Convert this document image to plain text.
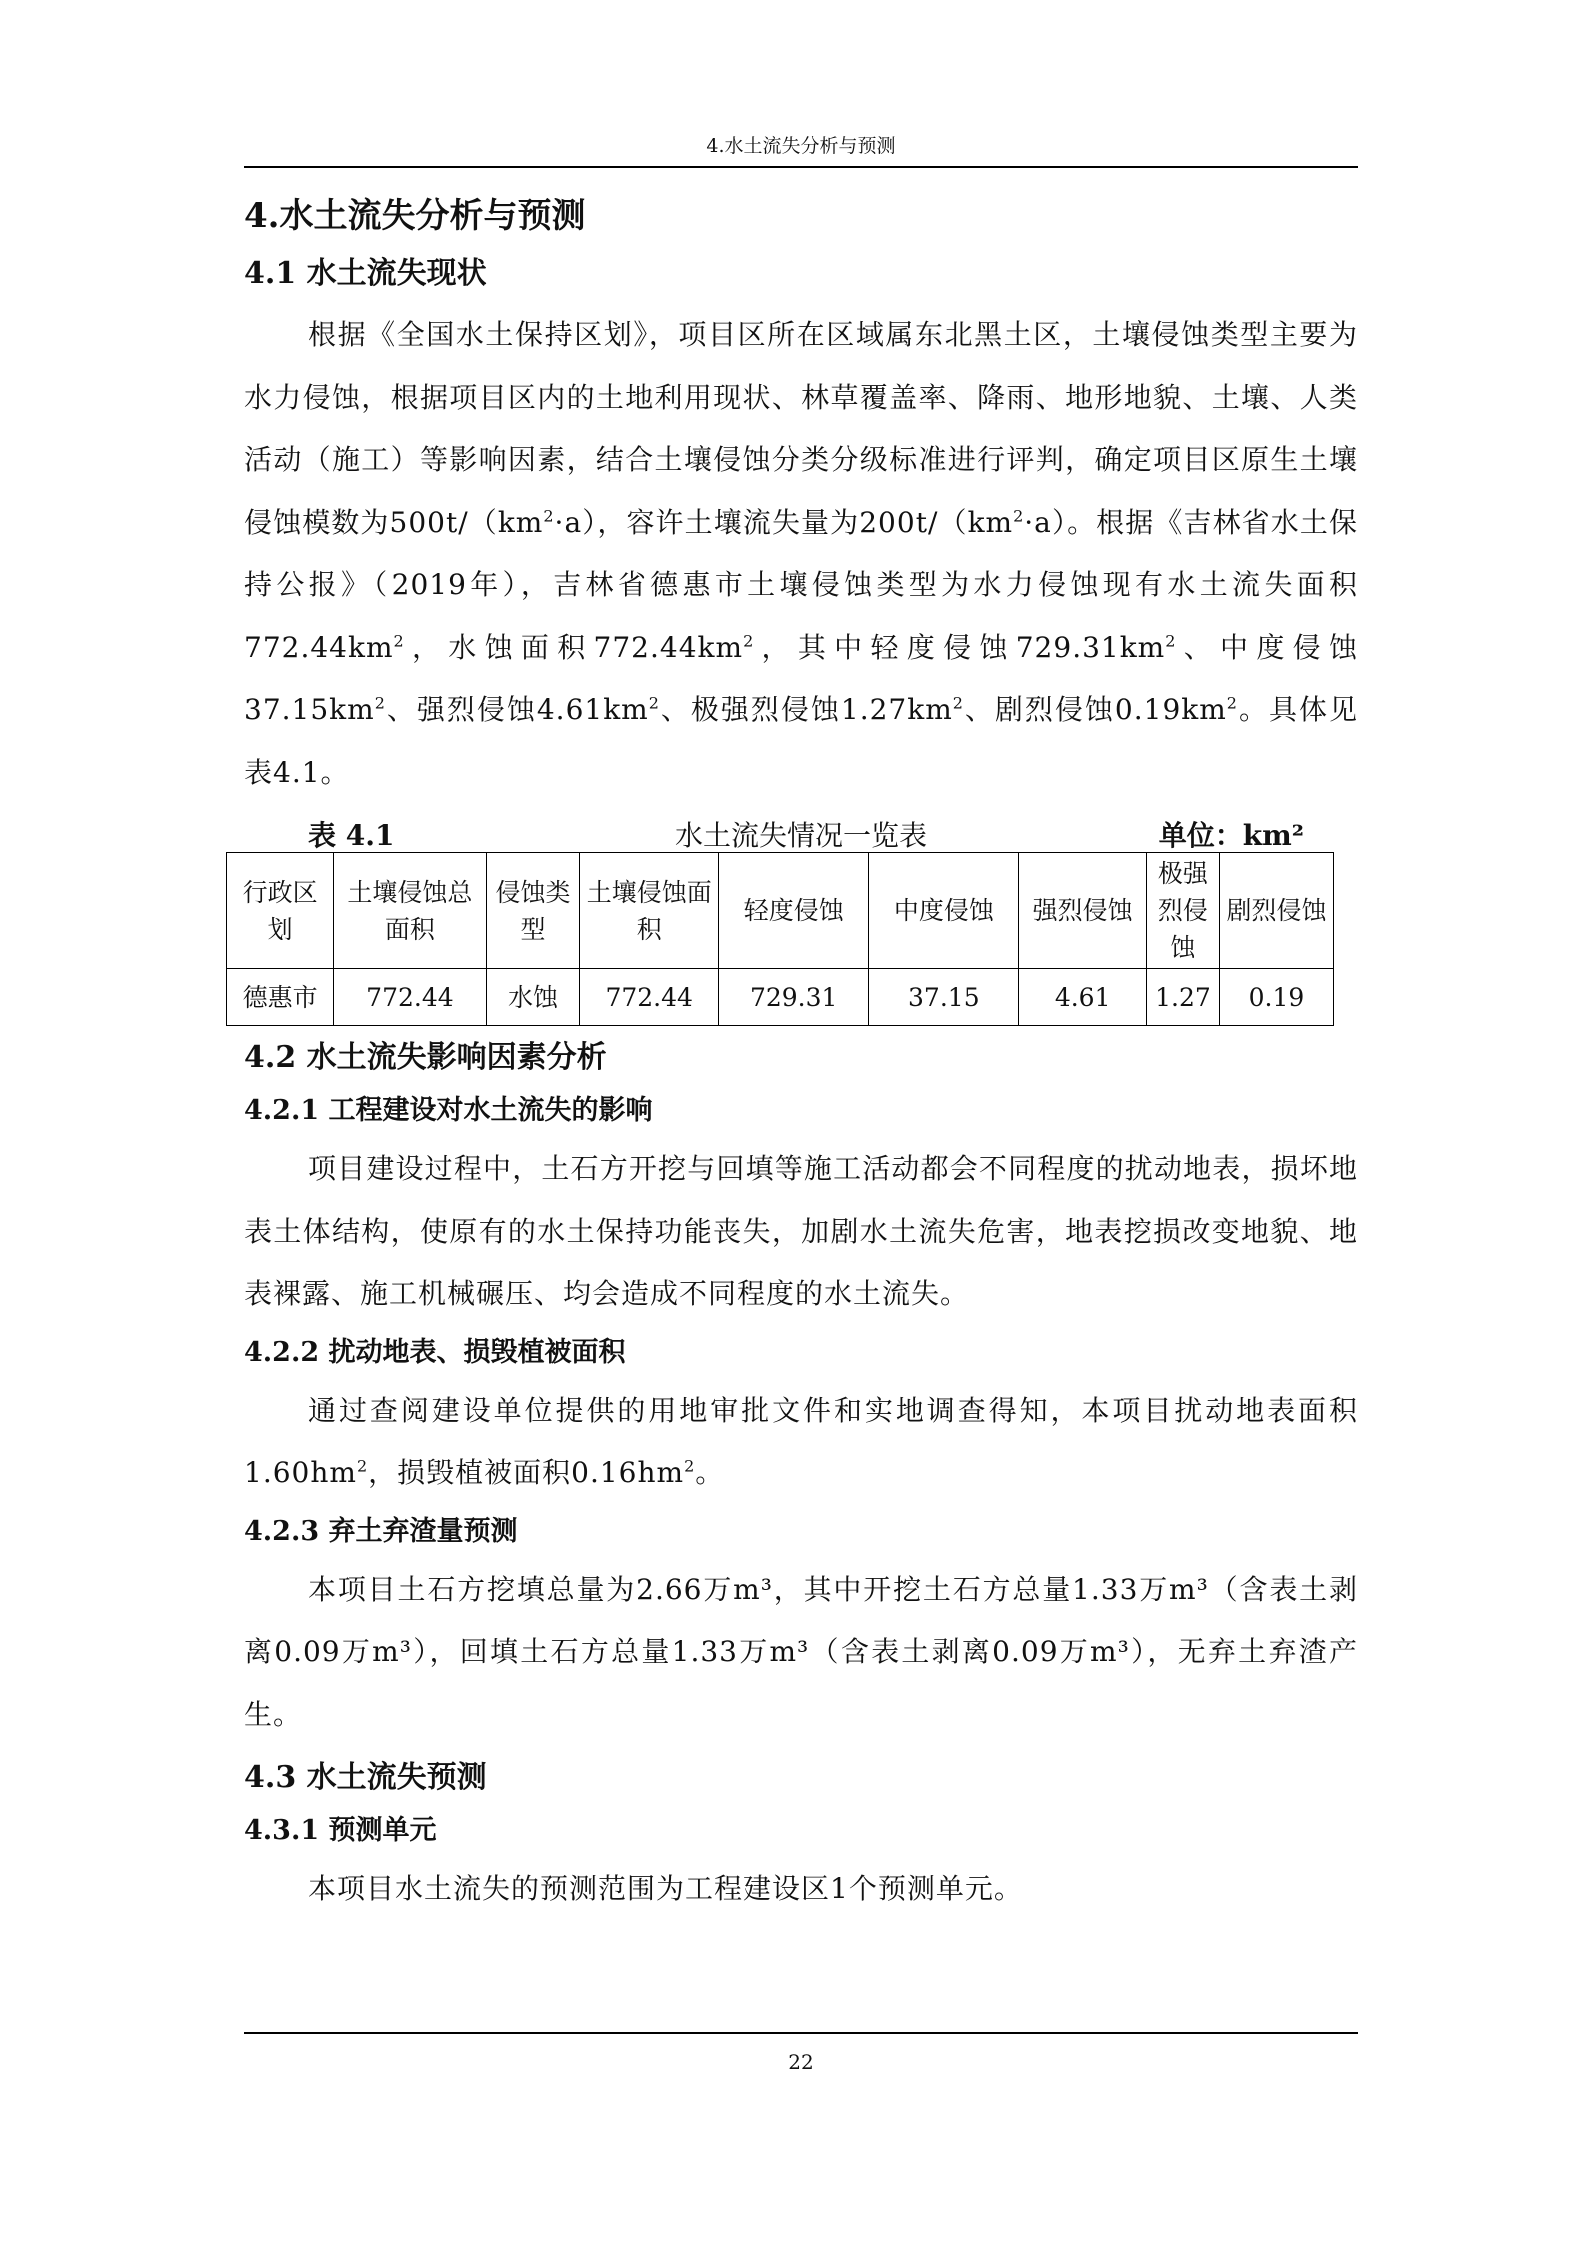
4.水土流失分析与预测
4.水土流失分析与预测
4.1 水土流失现状

根据《全国水土保持区划》，项目区所在区域属东北黑土区，土壤侵蚀类型主要为水力侵蚀，根据项目区内的土地利用现状、林草覆盖率、降雨、地形地貌、土壤、人类活动（施工）等影响因素，结合土壤侵蚀分类分级标准进行评判，确定项目区原生土壤侵蚀模数为$500t/(km^2\cdot a)$，容许土壤流失量为$200t/(km^2\cdot a)$。根据《吉林省水土保持公报》（2019年），吉林省德惠市土壤侵蚀类型为水力侵蚀现有水土流失面积$772.44km^2$，水蚀面积$772.44km^2$，其中轻度侵蚀$729.31km^2$、中度侵蚀$37.15km^2$、强烈侵蚀$4.61km^2$、极强烈侵蚀$1.27km^2$、剧烈侵蚀$0.19km^2$。具体见表4.1。

表 4.1	水土流失情况一览表	单位：km²
行政区划	土壤侵蚀总面积	侵蚀类型	土壤侵蚀面积	轻度侵蚀	中度侵蚀	强烈侵蚀	极强烈侵蚀	剧烈侵蚀
德惠市	772.44	水蚀	772.44	729.31	37.15	4.61	1.27	0.19
4.2 水土流失影响因素分析
4.2.1 工程建设对水土流失的影响

项目建设过程中，土石方开挖与回填等施工活动都会不同程度的扰动地表，损坏地表土体结构，使原有的水土保持功能丧失，加剧水土流失危害，地表挖损改变地貌、地表裸露、施工机械碾压、均会造成不同程度的水土流失。

4.2.2 扰动地表、损毁植被面积

通过查阅建设单位提供的用地审批文件和实地调查得知，本项目扰动地表面积$1.60hm^2$，损毁植被面积$0.16hm^2$。

4.2.3 弃土弃渣量预测

本项目土石方挖填总量为2.66万m³，其中开挖土石方总量1.33万m³（含表土剥离0.09万m³），回填土石方总量1.33万m³（含表土剥离0.09万m³），无弃土弃渣产生。

4.3 水土流失预测
4.3.1 预测单元

本项目水土流失的预测范围为工程建设区1个预测单元。

22
